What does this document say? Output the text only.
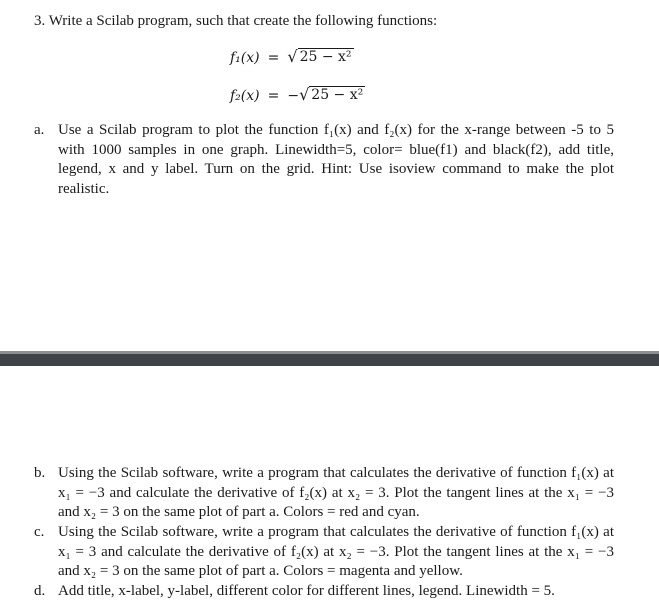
3. Write a Scilab program, such that create the following functions:
f₁(x) = √ 25 − x²
f₂(x) = − √ 25 − x²
a. Use a Scilab program to plot the function f₁(x) and f₂(x) for the x-range between -5 to 5 with 1000 samples in one graph. Linewidth=5, color= blue(f1) and black(f2), add title, legend, x and y label. Turn on the grid. Hint: Use isoview command to make the plot realistic.
b. Using the Scilab software, write a program that calculates the derivative of function f₁(x) at x₁ = −3 and calculate the derivative of f₂(x) at x₂ = 3. Plot the tangent lines at the x₁ = −3 and x₂ = 3 on the same plot of part a. Colors = red and cyan.
c. Using the Scilab software, write a program that calculates the derivative of function f₁(x) at x₁ = 3 and calculate the derivative of f₂(x) at x₂ = −3. Plot the tangent lines at the x₁ = −3 and x₂ = 3 on the same plot of part a. Colors = magenta and yellow.
d. Add title, x-label, y-label, different color for different lines, legend. Linewidth = 5.
